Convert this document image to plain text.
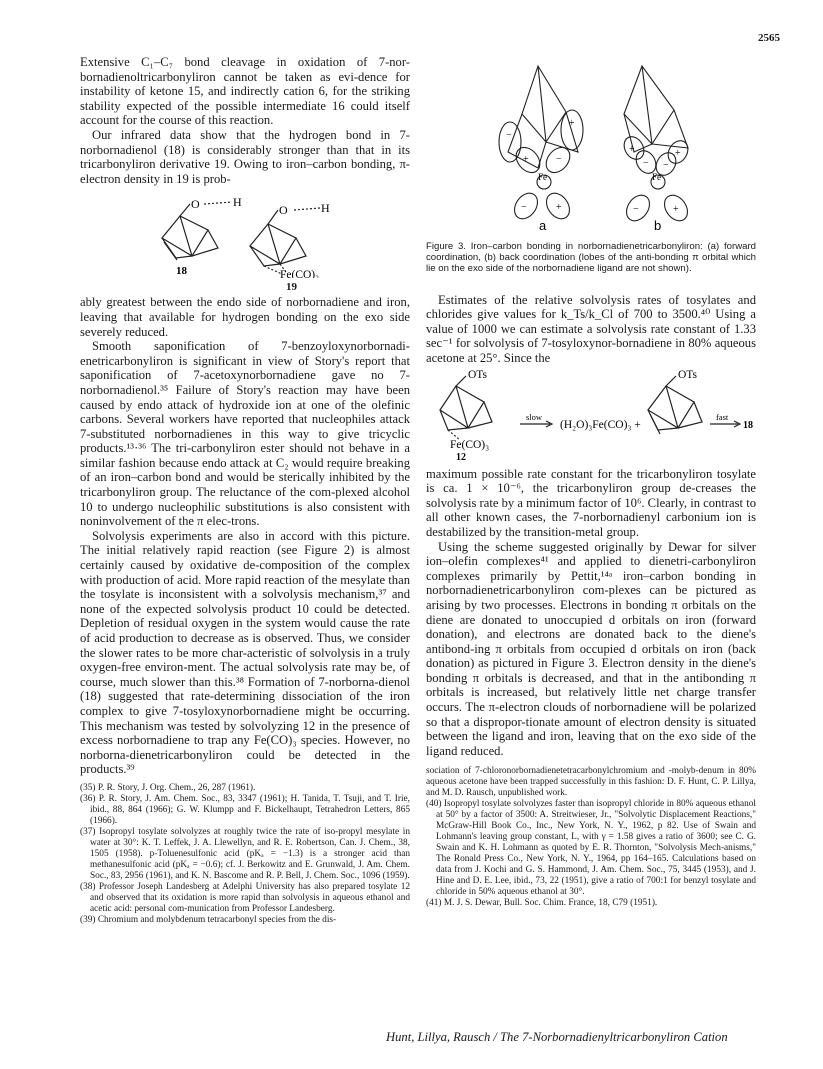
2565

Extensive C₁–C₇ bond cleavage in oxidation of 7-nor-bornadienoltricarbonyliron cannot be taken as evi-dence for instability of ketone 15, and indirectly cation 6, for the striking stability expected of the possible intermediate 16 could itself account for the course of this reaction.

Our infrared data show that the hydrogen bond in 7-norbornadienol (18) is considerably stronger than that in its tricarbonyliron derivative 19. Owing to iron–carbon bonding, π-electron density in 19 is prob-

O	H
O	H
18	Fe(CO)₃
19

ably greatest between the endo side of norbornadiene and iron, leaving that available for hydrogen bonding on the exo side severely reduced.

Smooth saponification of 7-benzoyloxynorbornadi-enetricarbonyliron is significant in view of Story's report that saponification of 7-acetoxynorbornadiene gave no 7-norbornadienol.³⁵ Failure of Story's reaction may have been caused by endo attack of hydroxide ion at one of the olefinic carbons. Several workers have reported that nucleophiles attack 7-substituted norbornadienes in this way to give tricyclic products.¹³·³⁶ The tri-carbonyliron ester should not behave in a similar fashion because endo attack at C₂ would require breaking of an iron–carbon bond and would be sterically inhibited by the tricarbonyliron group. The reluctance of the com-plexed alcohol 10 to undergo nucleophilic substitutions is also consistent with noninvolvement of the π elec-trons.

Solvolysis experiments are also in accord with this picture. The initial relatively rapid reaction (see Figure 2) is almost certainly caused by oxidative de-composition of the complex with production of acid. More rapid reaction of the mesylate than the tosylate is inconsistent with a solvolysis mechanism,³⁷ and none of the expected solvolysis product 10 could be detected. Depletion of residual oxygen in the system would cause the rate of acid production to decrease as is observed. Thus, we consider the slower rates to be more char-acteristic of solvolysis in a truly oxygen-free environ-ment. The actual solvolysis rate may be, of course, much slower than this.³⁸ Formation of 7-norborna-dienol (18) suggested that rate-determining dissociation of the iron complex to give 7-tosyloxynorbornadiene might be occurring. This mechanism was tested by solvolyzing 12 in the presence of excess norbornadiene to trap any Fe(CO)₃ species. However, no norborna-dienetricarbonyliron could be detected in the products.³⁹

(35) P. R. Story, J. Org. Chem., 26, 287 (1961).

(36) P. R. Story, J. Am. Chem. Soc., 83, 3347 (1961); H. Tanida, T. Tsuji, and T. Irie, ibid., 88, 864 (1966); G. W. Klumpp and F. Bickelhaupt, Tetrahedron Letters, 865 (1966).

(37) Isopropyl tosylate solvolyzes at roughly twice the rate of iso-propyl mesylate in water at 30°: K. T. Leffek, J. A. Llewellyn, and R. E. Robertson, Can. J. Chem., 38, 1505 (1958). p-Toluenesulfonic acid (pKₐ = −1.3) is a stronger acid than methanesulfonic acid (pKₐ = −0.6); cf. J. Berkowitz and E. Grunwald, J. Am. Chem. Soc., 83, 2956 (1961), and K. N. Bascome and R. P. Bell, J. Chem. Soc., 1096 (1959).

(38) Professor Joseph Landesberg at Adelphi University has also prepared tosylate 12 and observed that its oxidation is more rapid than solvolysis in aqueous ethanol and acetic acid: personal com-munication from Professor Landesberg.

(39) Chromium and molybdenum tetracarbonyl species from the dis-

−
+
+	−
−	+
+
−
+
−
−	+
Fe	Fe
a	b

Figure 3. Iron–carbon bonding in norbornadienetricarbonyliron: (a) forward coordination, (b) back coordination (lobes of the anti-bonding π orbital which lie on the exo side of the norbornadiene ligand are not shown).

Estimates of the relative solvolysis rates of tosylates and chlorides give values for k_Ts/k_Cl of 700 to 3500.⁴⁰ Using a value of 1000 we can estimate a solvolysis rate constant of 1.33 sec⁻¹ for solvolysis of 7-tosyloxynor-bornadiene in 80% aqueous acetone at 25°. Since the

OTs	OTs
Fe(CO)₃
12
slow
(H₂O)₃Fe(CO)₃ +
fast
18

maximum possible rate constant for the tricarbonyliron tosylate is ca. 1 × 10⁻⁶, the tricarbonyliron group de-creases the solvolysis rate by a minimum factor of 10⁶. Clearly, in contrast to all other known cases, the 7-norbornadienyl carbonium ion is destabilized by the transition-metal group.

Using the scheme suggested originally by Dewar for silver ion–olefin complexes⁴¹ and applied to dienetri-carbonyliron complexes primarily by Pettit,¹⁴ᵃ iron–carbon bonding in norbornadienetricarbonyliron com-plexes can be pictured as arising by two processes. Electrons in bonding π orbitals on the diene are donated to unoccupied d orbitals on iron (forward donation), and electrons are donated back to the diene's antibond-ing π orbitals from occupied d orbitals on iron (back donation) as pictured in Figure 3. Electron density in the diene's bonding π orbitals is decreased, and that in the antibonding π orbitals is increased, but relatively little net charge transfer occurs. The π-electron clouds of norbornadiene will be polarized so that a dispropor-tionate amount of electron density is situated between the ligand and iron, leaving that on the exo side of the ligand reduced.

sociation of 7-chloronorbornadienetetracarbonylchromium and -molyb-denum in 80% aqueous acetone have been trapped successfully in this fashion: D. F. Hunt, C. P. Lillya, and M. D. Rausch, unpublished work.

(40) Isopropyl tosylate solvolyzes faster than isopropyl chloride in 80% aqueous ethanol at 50° by a factor of 3500: A. Streitwieser, Jr., "Solvolytic Displacement Reactions," McGraw-Hill Book Co., Inc., New York, N. Y., 1962, p 82. Use of Swain and Lohmann's leaving group constant, L, with γ = 1.58 gives a ratio of 3600; see C. G. Swain and K. H. Lohmann as quoted by E. R. Thornton, "Solvolysis Mech-anisms," The Ronald Press Co., New York, N. Y., 1964, pp 164–165. Calculations based on data from J. Kochi and G. S. Hammond, J. Am. Chem. Soc., 75, 3445 (1953), and J. Hine and D. E. Lee, ibid., 73, 22 (1951), give a ratio of 700:1 for benzyl tosylate and chloride in 50% aqueous ethanol at 30°.

(41) M. J. S. Dewar, Bull. Soc. Chim. France, 18, C79 (1951).

Hunt, Lillya, Rausch / The 7-Norbornadienyltricarbonyliron Cation
